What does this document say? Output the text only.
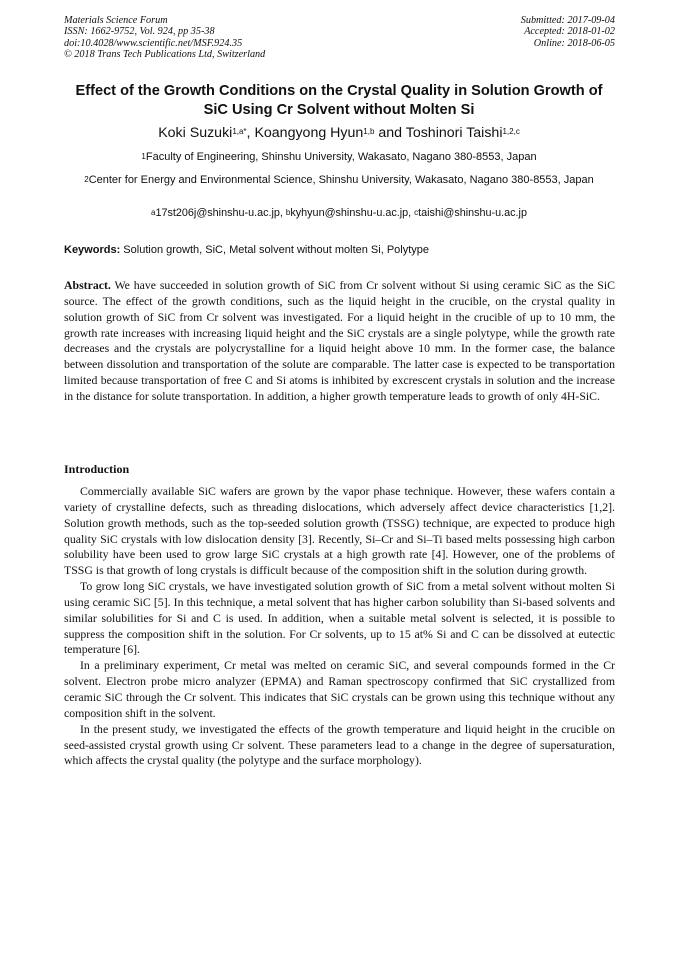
Materials Science Forum
ISSN: 1662-9752, Vol. 924, pp 35-38
doi:10.4028/www.scientific.net/MSF.924.35
© 2018 Trans Tech Publications Ltd, Switzerland
Submitted: 2017-09-04
Accepted: 2018-01-02
Online: 2018-06-05
Effect of the Growth Conditions on the Crystal Quality in Solution Growth of SiC Using Cr Solvent without Molten Si
Koki Suzuki$^{1,a*}$, Koangyong Hyun$^{1,b}$ and Toshinori Taishi$^{1,2,c}$
$^1$Faculty of Engineering, Shinshu University, Wakasato, Nagano 380-8553, Japan
$^2$Center for Energy and Environmental Science, Shinshu University, Wakasato, Nagano 380-8553, Japan
$^a$17st206j@shinshu-u.ac.jp, $^b$kyhyun@shinshu-u.ac.jp, $^c$taishi@shinshu-u.ac.jp
Keywords: Solution growth, SiC, Metal solvent without molten Si, Polytype
Abstract. We have succeeded in solution growth of SiC from Cr solvent without Si using ceramic SiC as the SiC source. The effect of the growth conditions, such as the liquid height in the crucible, on the crystal quality in solution growth of SiC from Cr solvent was investigated. For a liquid height in the crucible of up to 10 mm, the growth rate increases with increasing liquid height and the SiC crystals are a single polytype, while the growth rate decreases and the crystals are polycrystalline for a liquid height above 10 mm. In the former case, the balance between dissolution and transportation of the solute are comparable. The latter case is expected to be transportation limited because transportation of free C and Si atoms is inhibited by excrescent crystals in solution and the increase in the distance for solute transportation. In addition, a higher growth temperature leads to growth of only 4H-SiC.
Introduction

Commercially available SiC wafers are grown by the vapor phase technique. However, these wafers contain a variety of crystalline defects, such as threading dislocations, which adversely affect device characteristics [1,2]. Solution growth methods, such as the top-seeded solution growth (TSSG) technique, are expected to produce high quality SiC crystals with low dislocation density [3]. Recently, Si–Cr and Si–Ti based melts possessing high carbon solubility have been used to grow large SiC crystals at a high growth rate [4]. However, one of the problems of TSSG is that growth of long crystals is difficult because of the composition shift in the solution during growth.

To grow long SiC crystals, we have investigated solution growth of SiC from a metal solvent without molten Si using ceramic SiC [5]. In this technique, a metal solvent that has higher carbon solubility than Si-based solvents and similar solubilities for Si and C is used. In addition, when a suitable metal solvent is selected, it is possible to suppress the composition shift in the solution. For Cr solvents, up to 15 at% Si and C can be dissolved at eutectic temperature [6].

In a preliminary experiment, Cr metal was melted on ceramic SiC, and several compounds formed in the Cr solvent. Electron probe micro analyzer (EPMA) and Raman spectroscopy confirmed that SiC crystallized from ceramic SiC through the Cr solvent. This indicates that SiC crystals can be grown using this technique without any composition shift in the solvent.

In the present study, we investigated the effects of the growth temperature and liquid height in the crucible on seed-assisted crystal growth using Cr solvent. These parameters lead to a change in the degree of supersaturation, which affects the crystal quality (the polytype and the surface morphology).
